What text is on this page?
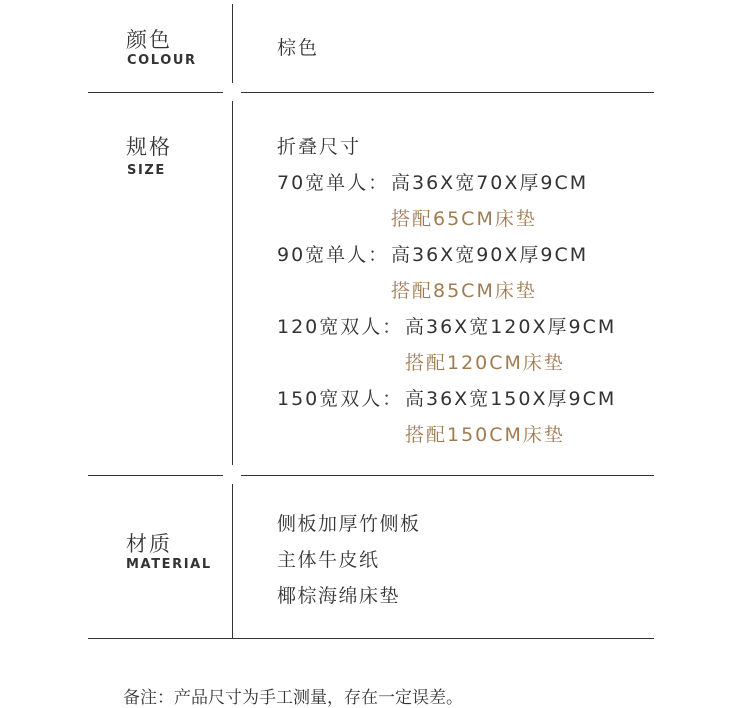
颜色
COLOUR
棕色
规格
SIZE
折叠尺寸
70宽单人： 高36X宽70X厚9CM
搭配65CM床垫
90宽单人： 高36X宽90X厚9CM
搭配85CM床垫
120宽双人： 高36X宽120X厚9CM
搭配120CM床垫
150宽双人： 高36X宽150X厚9CM
搭配150CM床垫
材质
MATERIAL
侧板加厚竹侧板
主体牛皮纸
椰棕海绵床垫
备注：产品尺寸为手工测量，存在一定误差。
